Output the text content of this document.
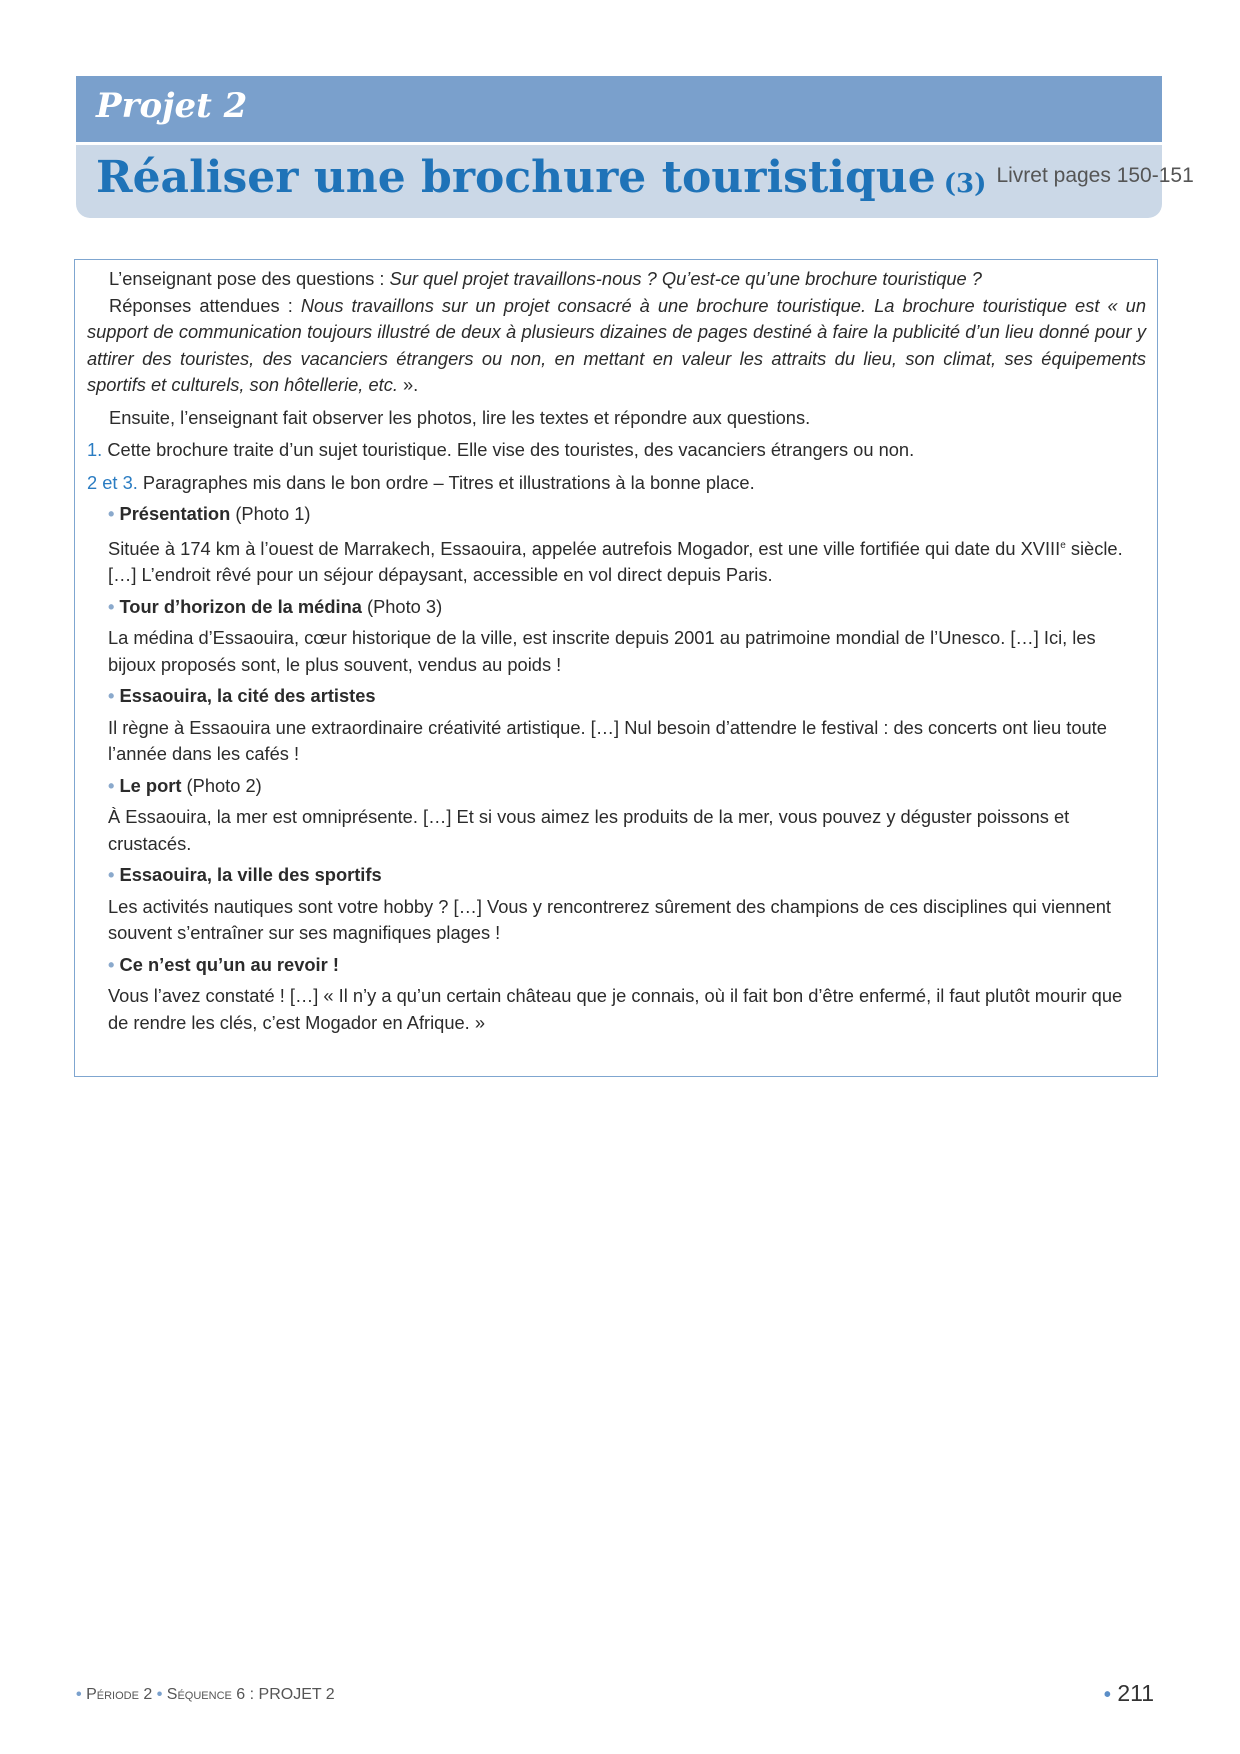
Projet 2
Réaliser une brochure touristique (3) Livret pages 150-151

L’enseignant pose des questions : Sur quel projet travaillons-nous ? Qu’est-ce qu’une brochure touristique ?

Réponses attendues : Nous travaillons sur un projet consacré à une brochure touristique. La brochure touristique est « un support de communication toujours illustré de deux à plusieurs dizaines de pages destiné à faire la publicité d’un lieu donné pour y attirer des touristes, des vacanciers étrangers ou non, en mettant en valeur les attraits du lieu, son climat, ses équipements sportifs et culturels, son hôtellerie, etc. ».

Ensuite, l’enseignant fait observer les photos, lire les textes et répondre aux questions.

1. Cette brochure traite d’un sujet touristique. Elle vise des touristes, des vacanciers étrangers ou non.

2 et 3. Paragraphes mis dans le bon ordre – Titres et illustrations à la bonne place.

• Présentation (Photo 1)

Située à 174 km à l’ouest de Marrakech, Essaouira, appelée autrefois Mogador, est une ville fortifiée qui date du XVIIIe siècle. […] L’endroit rêvé pour un séjour dépaysant, accessible en vol direct depuis Paris.

• Tour d’horizon de la médina (Photo 3)

La médina d’Essaouira, cœur historique de la ville, est inscrite depuis 2001 au patrimoine mondial de l’Unesco. […] Ici, les bijoux proposés sont, le plus souvent, vendus au poids !

• Essaouira, la cité des artistes

Il règne à Essaouira une extraordinaire créativité artistique. […] Nul besoin d’attendre le festival : des concerts ont lieu toute l’année dans les cafés !

• Le port (Photo 2)

À Essaouira, la mer est omniprésente. […] Et si vous aimez les produits de la mer, vous pouvez y déguster poissons et crustacés.

• Essaouira, la ville des sportifs

Les activités nautiques sont votre hobby ? […] Vous y rencontrerez sûrement des champions de ces disciplines qui viennent souvent s’entraîner sur ses magnifiques plages !

• Ce n’est qu’un au revoir !

Vous l’avez constaté ! […] « Il n’y a qu’un certain château que je connais, où il fait bon d’être enfermé, il faut plutôt mourir que de rendre les clés, c’est Mogador en Afrique. »

• Période 2 • Séquence 6 : PROJET 2	• 211
